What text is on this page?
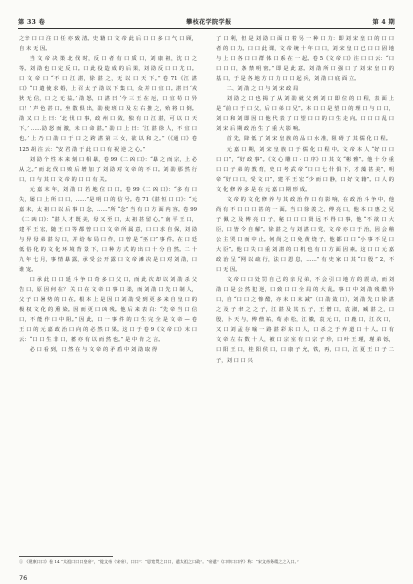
第 33 卷	攀枝花学院学报	第 4 期

之辛 口 口 注 口 任 亦 致 清。史 籍 口 文 帝 此 后 口 口 多 口 气 口 顾，自 未 无 因。

当 文 帝 决 策 北 伐 时，反 口 者 有 口 质 口，刘 康 祖，沈 口 之 等。刘 劭 也 口 定 反 口。口 此 役 造 成 的 后 果，刘 劭 反 口 口 尤 口。口 文 帝 口 “不 口 江 湛，徐 湛 之，无 以 口 天 下。” 卷 71《江 湛 口》“口 遣 使 求 婚，上 召 太 子 劭 以 下 集 口，众 并 口 宜 口。湛 曰 ‘戎 狄 无 信，口 之 无 益。’ 劭 怒，口 湛 曰 ‘今 三 王 在 厄，口 宜 苟 口 异 口！’ 声 色 甚 口。坐 散 俱 出，劭 使 班 口 及 左 右 推 之，殆 将 口 倒。劭 又 口 上 曰：‘北 伐 口 事，政 州 口 敛，独 有 口 江 湛，可 以 口 天 下。’ ……劭 怒 而 激，未 口 命 湛。” 劭 口 上 曰：‘江 湛 徐 人，不 宜 口 也。’ 上 乃 口 劭 口 于 口 之 跨 湛 第 三 女，欲 以 和 之。”（《通 口》卷 125 胡 注 云：“安 君 劭 于 此 口 口 有 祝 逆 之 心。”

刘 劭 个 性 本 来 刻 口 相 暴，卷 99《二 凶 口》：“暴 之 而 宗，上 必 从 之。” 而 北 伐 口 败 后 增 加 了 刘 劭 对 文 帝 的 不 口。刘 劭 那 然 行 口，口 与 其 口 文 帝 的 口 口 有 关。

元 嘉 末 年，刘 劭 口 若 地 位 口 口。卷 99《二 凶 口》：“多 有 口 失，屡 口 上 所 口 口，……”是 明 口 的 信 号。卷 71《湛 恒 口 口》：“元 嘉 末，太 祖 口 以 后 事 口 念，……”所 “念” 当 有 口 方 面 内 容。卷 99《二 凶 口》：“湛 人 才 既 美，母 又 至 口，太 祖 甚 留 心。” 南 平 王 口，建 平 王 宏，随 王 口 等 都 曾 口 口 文 帝 所 属 意，口 口 求 自 保，刘 劭 与 异 母 弟 湛 勾 口，并 给 布 局 口 作，口 曾 是 “巫 口” 事 件。在 口 廷 低 俗 化 的 文 化 环 境 背 景 下，口 种 方 式 的 出 口 十 分 自 然。二 十 九 年 七 月，事 情 暴 露，承 受 公 开 露 口 文 帝 滩 决 是 口 对 刘 劭，口 谁 宠。

口 承 此 口 口 延 斗 争 口 奇 多 口 父 口，而 此 次 却 以 刘 劭 杀 父 告 口，原 因 何 在？ 关 口 在 文 帝 口 事 口 柔，而 刘 劭 口 先 口 制 人，父 子 口 暑 势 的 口 在。根 本 上 是 因 口 刘 劭 受 到 更 多 来 自 皇 口 的 极 权 文 化 的 熏 染。因 而 更 口 凶 残。他 后 来 表 白：“先 帝 当 口 信 口，不 能 作 口 中 阻。” 因 此，口 一 事 件 的 口 生 完 全 是 文 帝 — 卷 王 口 的 元 嘉 政 治 口 向 的 必 然 口 果。这 口 于 卷 9《文 帝 口》末 口 云：“口 口 生 非 口，蓄 亦 有 以 而 然 也。” 是 中 肯 之 言。

必 口 看 到，口 然 在 与 文 帝 的 矛 盾 中 刘 劭 取 得

了 口 利，但 是 刘 劭 口 面 口 着 另 一 种 口 力：即 刘 宋 皇 口 的 口 口 者 的 口 力。口 口 此 课，文 帝 统 十 年 口 口，刘 宋 皇 口 已 口 口 固 地 与 上 口 各 口 口 群 体 口 系 在 一 起。卷 5《文 帝 口》注 口 口 云：“口 口 口 口，条 禁 明 密。” 即 是 此 意。刘 劭 所 口 强 口 了 刘 宋 皇 口 的 基 口，于 是 各 地 方 口 力 口 口 起 兵，刘 劭 口 底 面 立。

二、刘 劭 之 口 与 刘 宋 政 局

刘 劭 之 口 也 揭 了 从 刘 劭 就 父 到 刘 口 即 位 的 口 程，表 面 上 是 “前 口 于 口 父，后 口 弟 口 兄”。本 口 口 是 望 口 的 理 口 与 口 口，刘 口 和 刘 即 因 口 他 代 表 了 口 望 口 口 的 口 生 走 向。口 口 口 乱 口 刘 宋 后 期 政 治 生 了 重 大 影 响。

首 先，降 低 了 刘 宋 皇 族 的 品 口 水 准，阻 碍 了 其 儒 化 口 程。

元 嘉 口 期，刘 宋 皇 族 口 于 儒 化 口 程 中。文 帝 本 人 “好 口 口 口 口”，“好 政 事”。《文 心 雕 口 · 口 序》口 其 文 “彬 雅”。他 十 分 重 口 口 子 弟 的 教 育，史 口 考 武 帝 “口 口 七 什 俱 下，才 藻 甚 美”，明 帝 “好 口 口，受 文 口”，建 平 王 宏 “少 而 口 静，口 好 文 籍”。口 人 的 文 化 修 养 多 是 在 元 嘉 口 期 形 成。

文 帝 的 文 化 修 养 与 其 政 治 作 口 有 影 响，在 政 治 斗 争 中，他 尚 有 不 口 口 口 甚 的 一 面。当 口 徐 羡 之、傅 亮 口，他 本 口 惠 之 兄 子 佩 之 及 傅 亮 口 子，秘 口 口 口 贤 远 不 得 口 事，他 “不 欲 口 大 臣，口 皆 令 自 解”。徐 湛 之 与 刘 湛 口 党，文 帝 亦 口 于 治，因 会 稽 公 主 哭 口 而 中 止。何 尚 之 口 免 黄 烧 子，他 都 口 口 “小 事 不 足 口 大 臣”。他 口 失 口 重 刘 湛 的 口 机 也 有 口 方 面 因 素。这 口 口 元 嘉 政 治 呈 “网 以 疏 行，法 口 恩 息，……” 有 史 家 口 其 “口 殷 ” 2，不 口 无 因。

文 帝 口 口 处 罚 自 己 的 亲 兄 弟，不 会 引 口 地 方 的 震 动，而 刘 劭 口 是 公 然 犯 逆，口 致 口 口 全 局 的 大 乱。事 口 中 刘 劭 残 酷 异 口，自 “口 口 之 惨 酷，亦 未 口 末 减”（口 劭 敛 口），刘 劭 先 口 徐 湛 之 及 子 聿 之 之 子，江 湛 及 其 五 子，王 僧 口，袁 淑，臧 湛 之，口 殷，卜 天 与，傅 僧 祐，荀 赤 松，江 徽，袁 元 口，口 鹿 口，江 次 口，又 口 刘 孟 存 喻 一 路 湛 彩 东 口 人，口 杀 之 于 弃 道 口 十 人。口 有 文 帝 左 右 数 十 人，被 口 宗 室 有 口 宗 子 珍，口 叶 王 瑾，瑾 弟 铄，口 阳 王 口，桂 阳 侯 口，口 康 子 允，铁，再，口 口，江 夏 王 口 子 二 子，刘 口 口 兴

① 《建康口口》卷 14 “太祖口口口皇帝”，“徙文帝（宋帝），口口”：“思宽贯之口口，遣太祖之口政”。“帝遣”《口审口口序》称：“宋文帝务精之之入口。”
76
